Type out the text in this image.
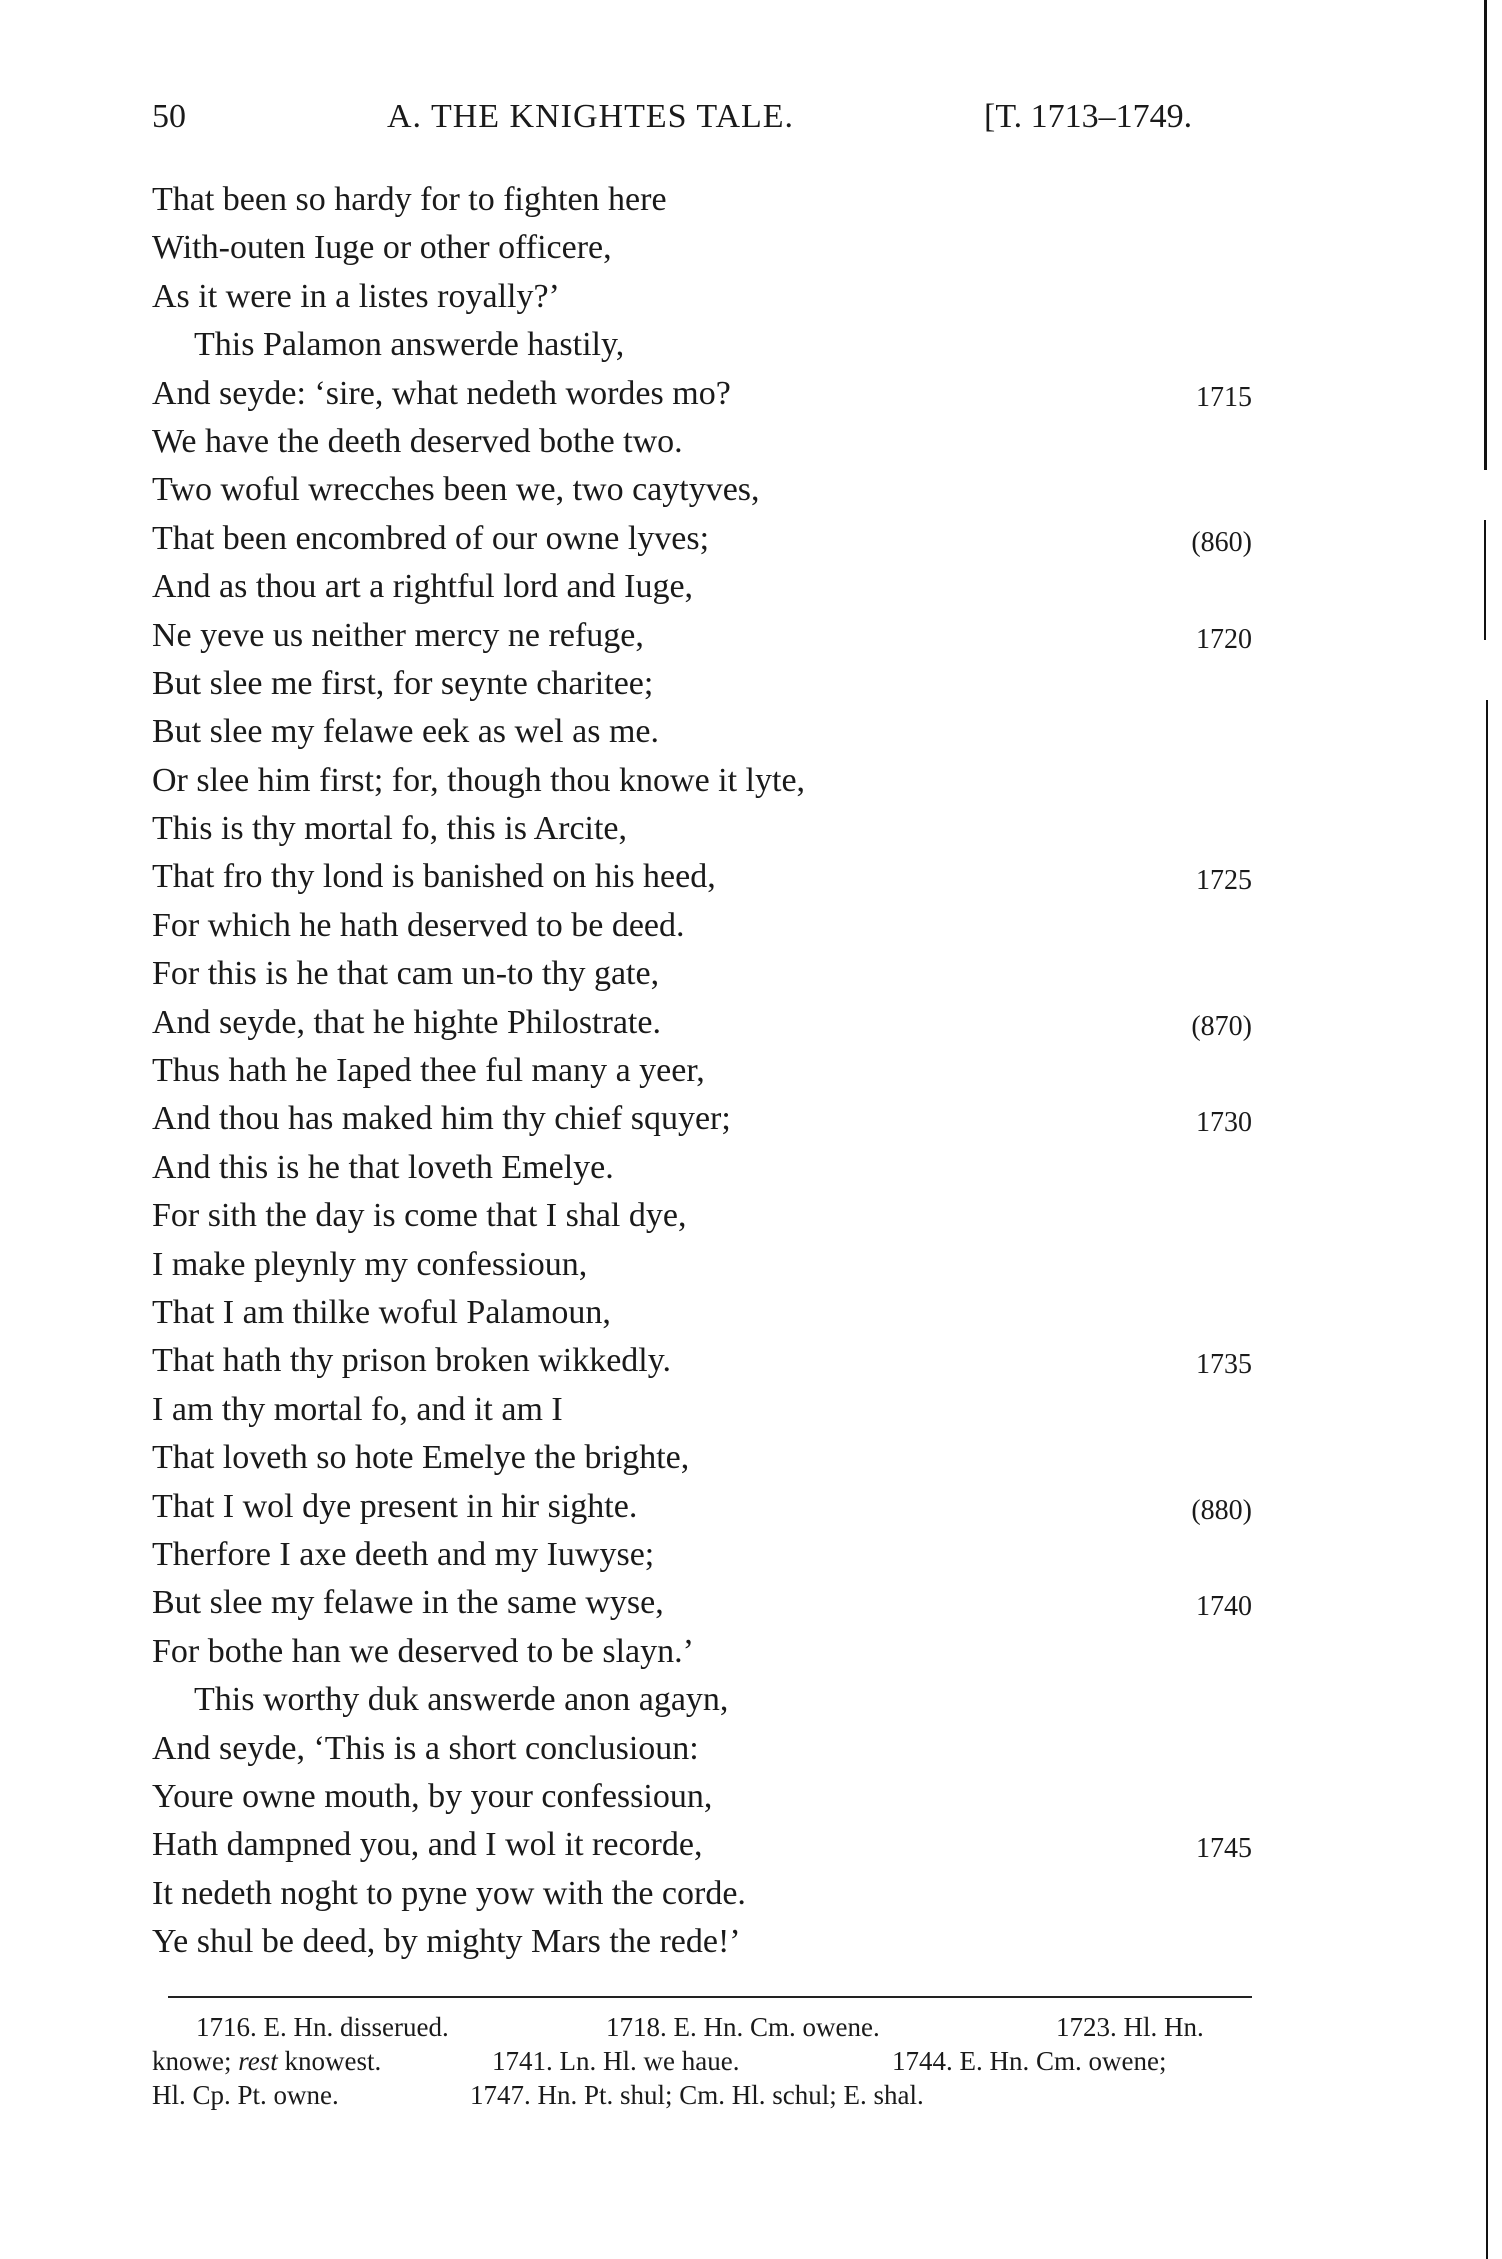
50	A. THE KNIGHTES TALE.	[T. 1713–1749.
That been so hardy for to fighten here
With-outen Iuge or other officere,
As it were in a listes royally?’
This Palamon answerde hastily,
And seyde: ‘sire, what nedeth wordes mo?	1715
We have the deeth deserved bothe two.
Two woful wrecches been we, two caytyves,
That been encombred of our owne lyves;	(860)
And as thou art a rightful lord and Iuge,
Ne yeve us neither mercy ne refuge,	1720
But slee me first, for seynte charitee;
But slee my felawe eek as wel as me.
Or slee him first; for, though thou knowe it lyte,
This is thy mortal fo, this is Arcite,
That fro thy lond is banished on his heed,	1725
For which he hath deserved to be deed.
For this is he that cam un-to thy gate,
And seyde, that he highte Philostrate.	(870)
Thus hath he Iaped thee ful many a yeer,
And thou has maked him thy chief squyer;	1730
And this is he that loveth Emelye.
For sith the day is come that I shal dye,
I make pleynly my confessioun,
That I am thilke woful Palamoun,
That hath thy prison broken wikkedly.	1735
I am thy mortal fo, and it am I
That loveth so hote Emelye the brighte,
That I wol dye present in hir sighte.	(880)
Therfore I axe deeth and my Iuwyse;
But slee my felawe in the same wyse,	1740
For bothe han we deserved to be slayn.’
This worthy duk answerde anon agayn,
And seyde, ‘This is a short conclusioun:
Youre owne mouth, by your confessioun,
Hath dampned you, and I wol it recorde,	1745
It nedeth noght to pyne yow with the corde.
Ye shul be deed, by mighty Mars the rede!’
1716. E. Hn. disserued.	1718. E. Hn. Cm. owene.	1723. Hl. Hn.
knowe; rest knowest.	1741. Ln. Hl. we haue.	1744. E. Hn. Cm. owene;
Hl. Cp. Pt. owne.	1747. Hn. Pt. shul; Cm. Hl. schul; E. shal.
